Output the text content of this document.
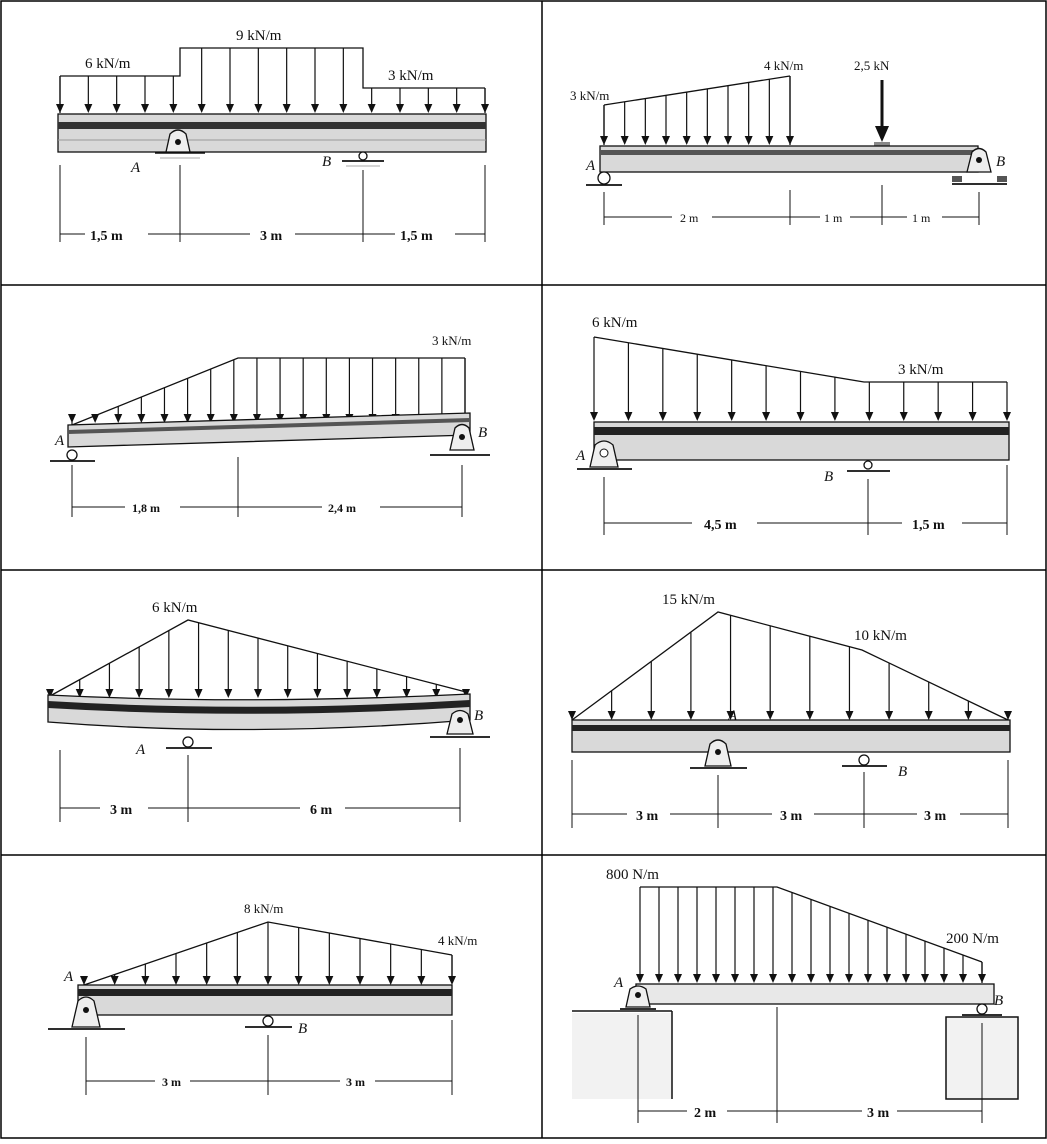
6 kN/m
9 kN/m
3 kN/m
A	B
1,5 m	3 m	1,5 m
3 kN/m
4 kN/m	2,5 kN
A	B
2 m	1 m	1 m
3 kN/m
A	B
1,8 m	2,4 m
6 kN/m
3 kN/m
A
B
4,5 m	1,5 m
6 kN/m
A
B
3 m	6 m
15 kN/m
10 kN/m
A
B
3 m	3 m	3 m
8 kN/m
4 kN/m
A
B
3 m	3 m
800 N/m
200 N/m
A
B
2 m	3 m
